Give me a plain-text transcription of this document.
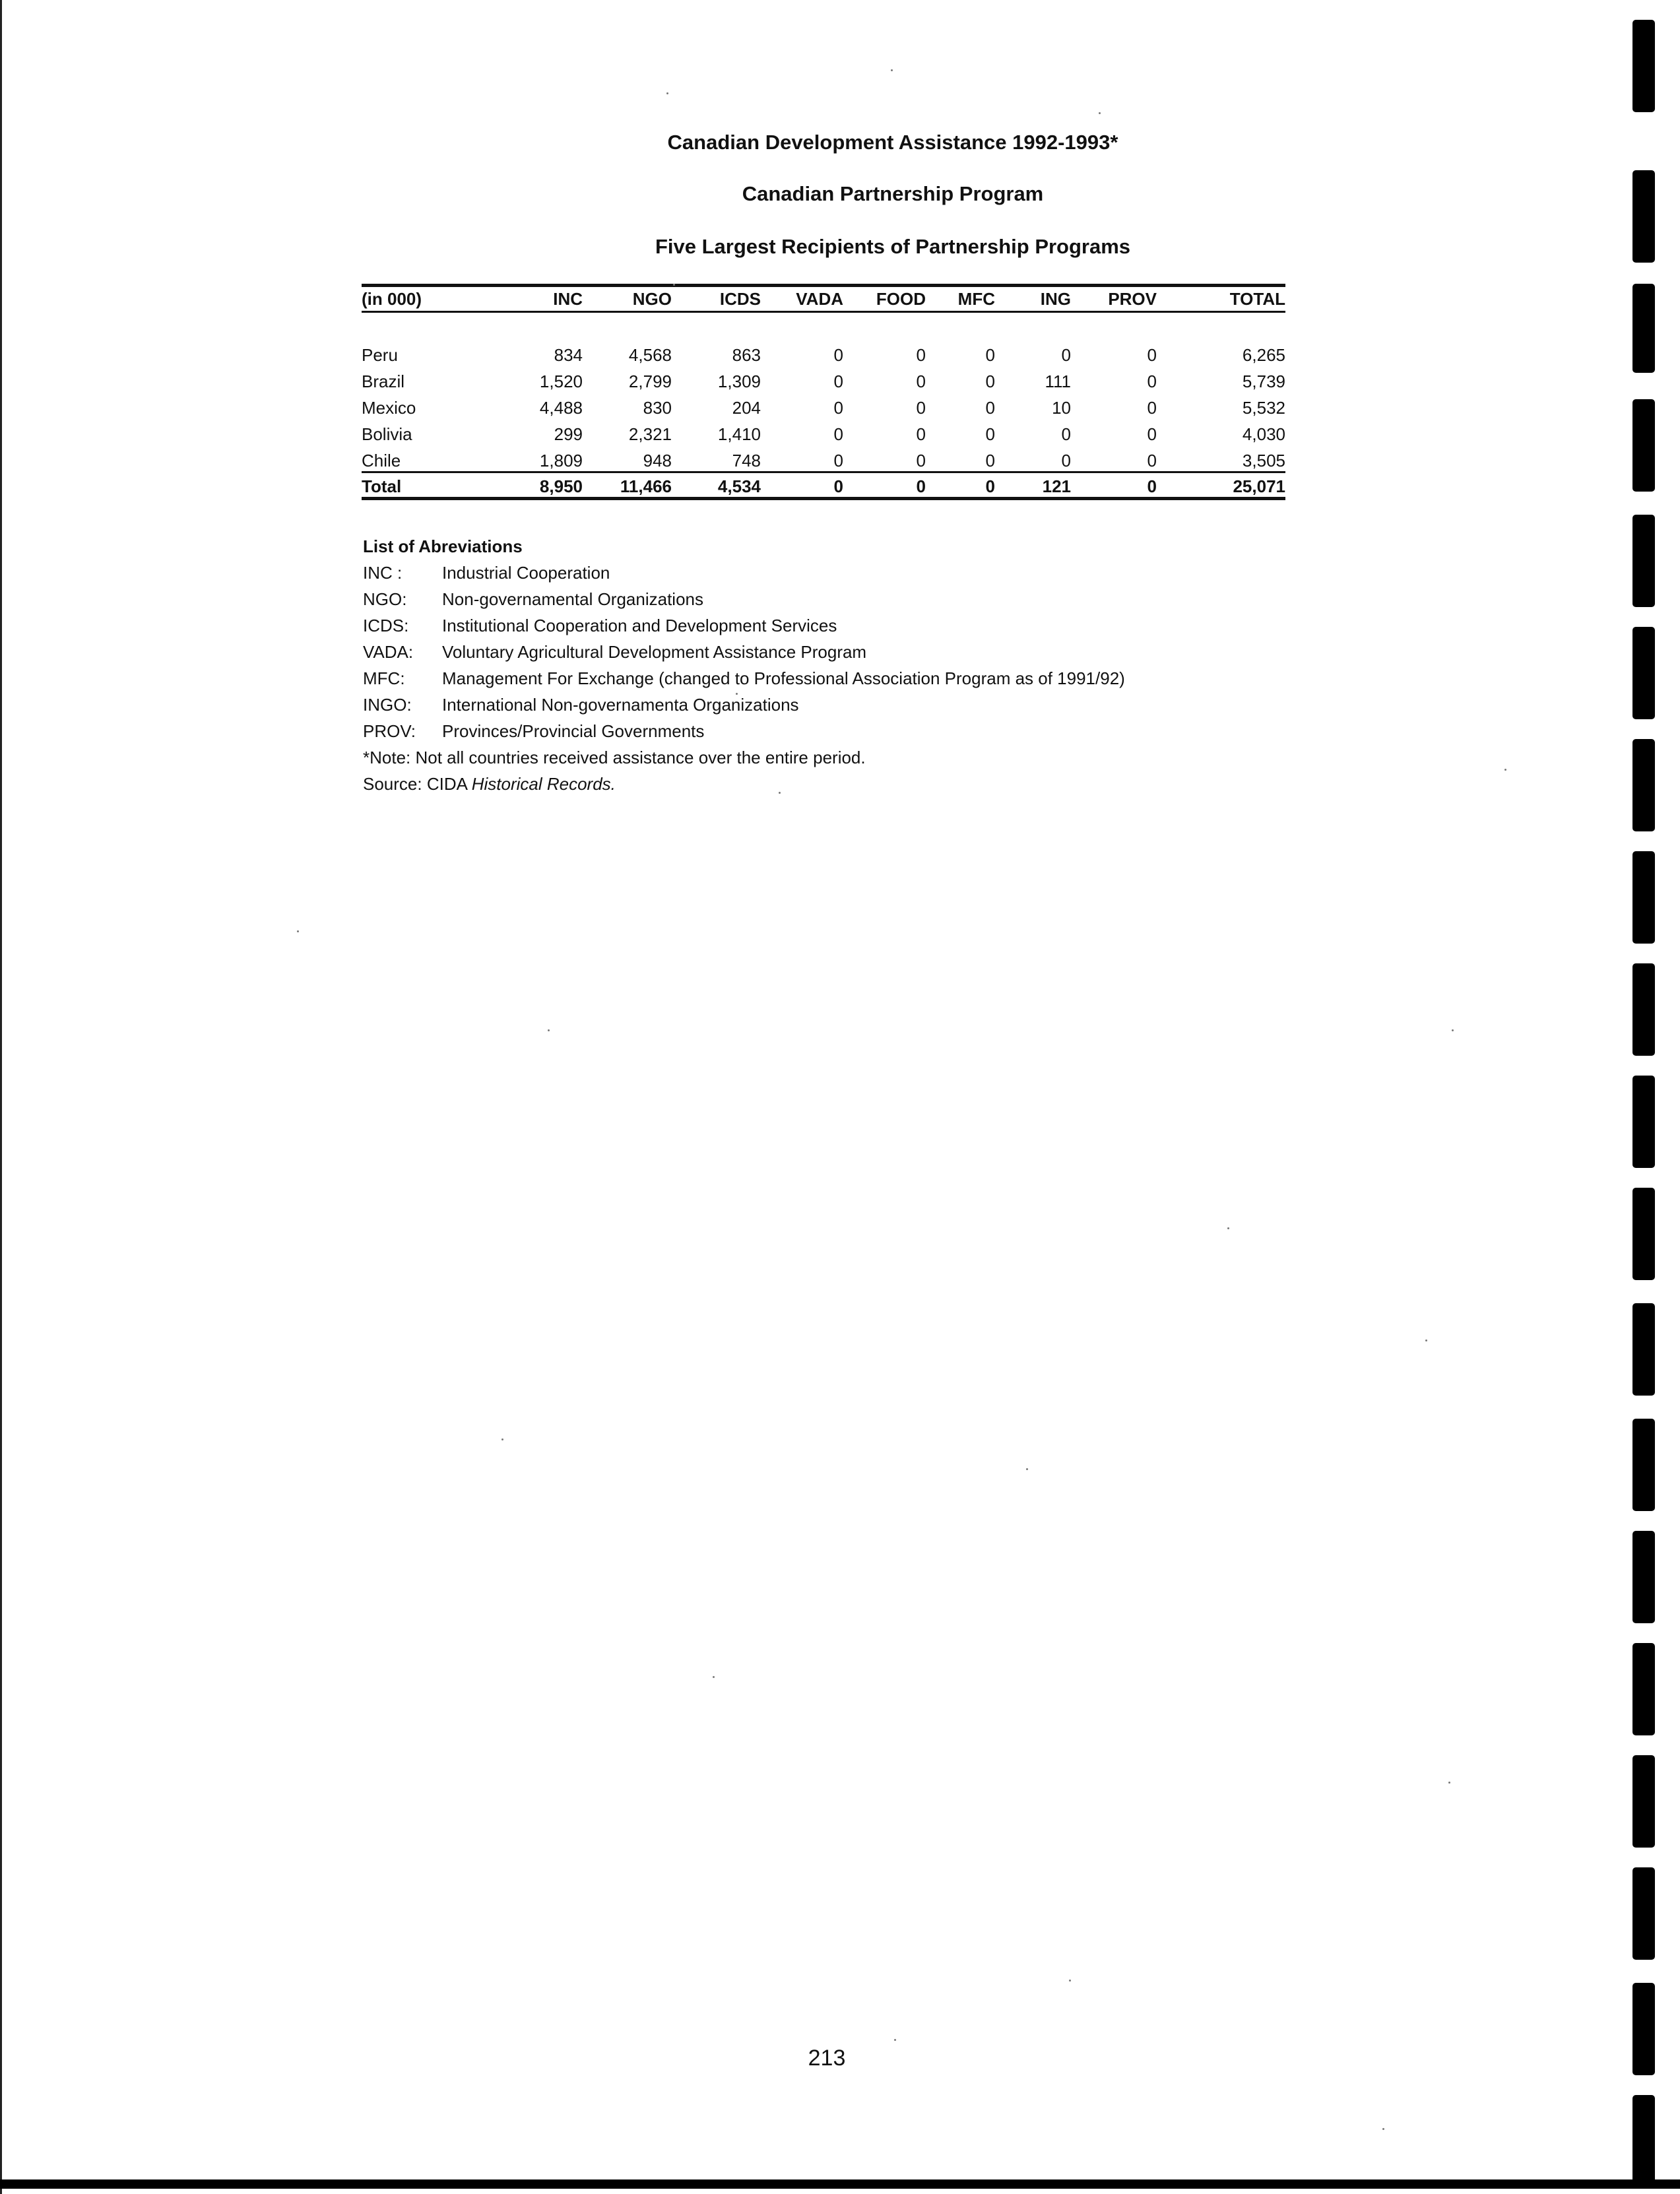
Canadian Development Assistance 1992-1993*
Canadian Partnership Program
Five Largest Recipients of Partnership Programs
(in 000)	INC	NGO	ICDS	VADA	FOOD	MFC	ING	PROV	TOTAL
Peru	834	4,568	863	0	0	0	0	0	6,265
Brazil	1,520	2,799	1,309	0	0	0	111	0	5,739
Mexico	4,488	830	204	0	0	0	10	0	5,532
Bolivia	299	2,321	1,410	0	0	0	0	0	4,030
Chile	1,809	948	748	0	0	0	0	0	3,505
Total	8,950	11,466	4,534	0	0	0	121	0	25,071
List of Abreviations
INC : Industrial Cooperation
NGO: Non-governamental Organizations
ICDS: Institutional Cooperation and Development Services
VADA: Voluntary Agricultural Development Assistance Program
MFC: Management For Exchange (changed to Professional Association Program as of 1991/92)
INGO: International Non-governamenta Organizations
PROV: Provinces/Provincial Governments
*Note: Not all countries received assistance over the entire period.
Source: CIDA Historical Records.
213
